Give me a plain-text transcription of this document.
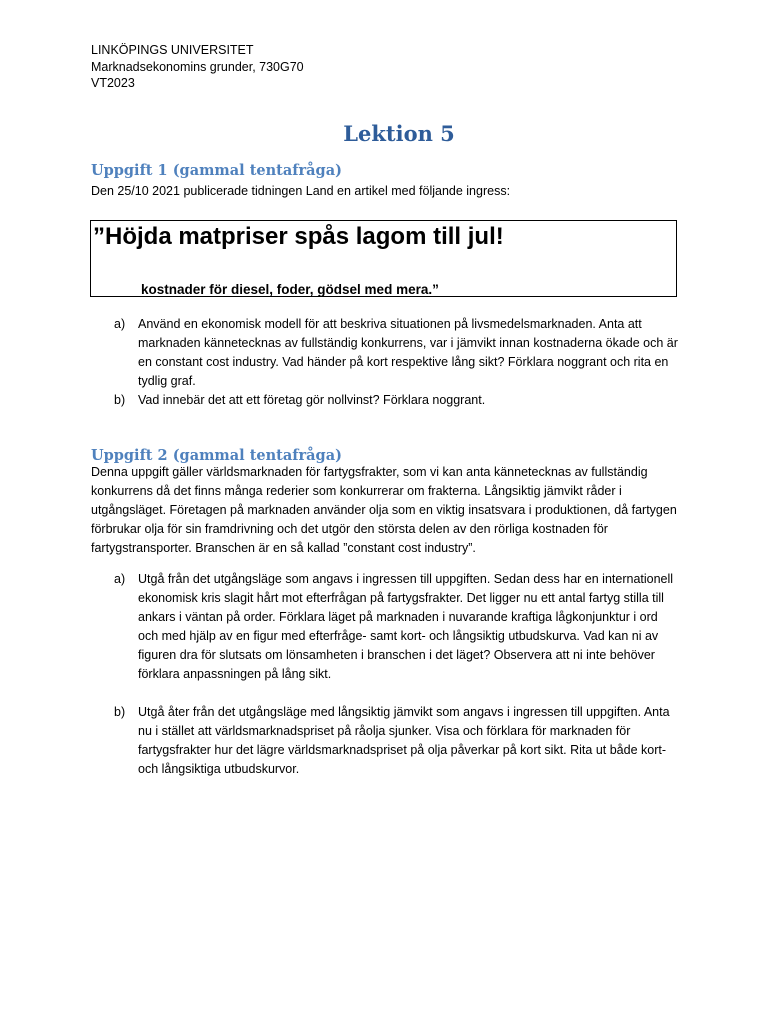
LINKÖPINGS UNIVERSITET
Marknadsekonomins grunder, 730G70
VT2023
Lektion 5
Uppgift 1 (gammal tentafråga)
Den 25/10 2021 publicerade tidningen Land en artikel med följande ingress:
”Höjda matpriser spås lagom till jul!
kostnader för diesel, foder, gödsel med mera.”
a) Använd en ekonomisk modell för att beskriva situationen på livsmedelsmarknaden. Anta att marknaden kännetecknas av fullständig konkurrens, var i jämvikt innan kostnaderna ökade och är en constant cost industry. Vad händer på kort respektive lång sikt? Förklara noggrant och rita en tydlig graf.
b) Vad innebär det att ett företag gör nollvinst? Förklara noggrant.
Uppgift 2 (gammal tentafråga)
Denna uppgift gäller världsmarknaden för fartygsfrakter, som vi kan anta kännetecknas av fullständig konkurrens då det finns många rederier som konkurrerar om frakterna. Långsiktig jämvikt råder i utgångsläget. Företagen på marknaden använder olja som en viktig insatsvara i produktionen, då fartygen förbrukar olja för sin framdrivning och det utgör den största delen av den rörliga kostnaden för fartygstransporter. Branschen är en så kallad ”constant cost industry”.
a) Utgå från det utgångsläge som angavs i ingressen till uppgiften. Sedan dess har en internationell ekonomisk kris slagit hårt mot efterfrågan på fartygsfrakter. Det ligger nu ett antal fartyg stilla till ankars i väntan på order. Förklara läget på marknaden i nuvarande kraftiga lågkonjunktur i ord och med hjälp av en figur med efterfråge- samt kort- och långsiktig utbudskurva. Vad kan ni av figuren dra för slutsats om lönsamheten i branschen i det läget? Observera att ni inte behöver förklara anpassningen på lång sikt.
b) Utgå åter från det utgångsläge med långsiktig jämvikt som angavs i ingressen till uppgiften. Anta nu i stället att världsmarknadspriset på råolja sjunker. Visa och förklara för marknaden för fartygsfrakter hur det lägre världsmarknadspriset på olja påverkar på kort sikt. Rita ut både kort- och långsiktiga utbudskurvor.
